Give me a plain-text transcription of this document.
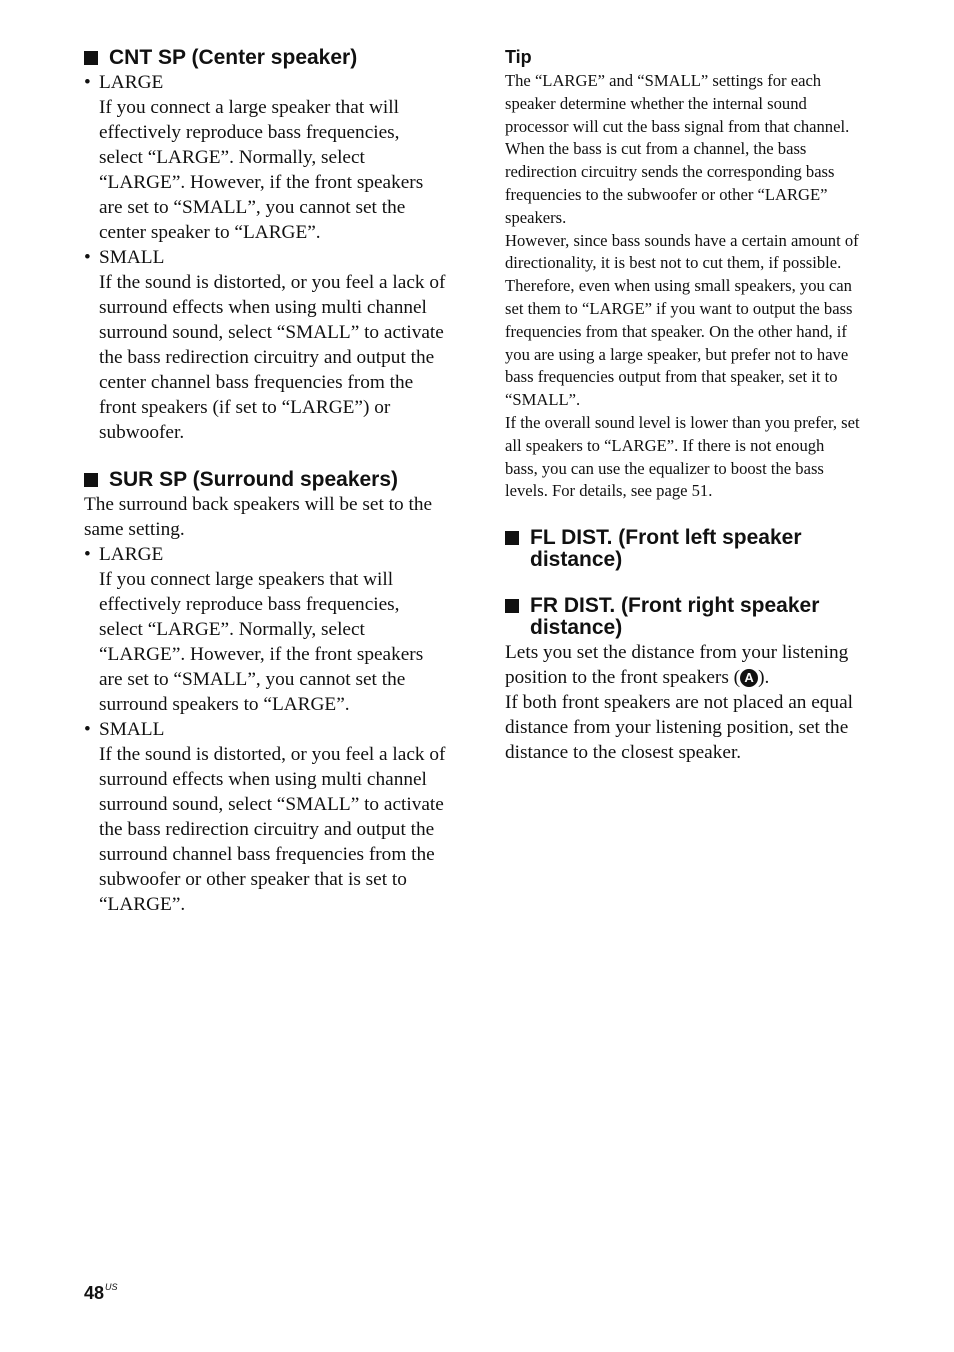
CNT SP (Center speaker)
• LARGE
If you connect a large speaker that will
effectively reproduce bass frequencies,
select “LARGE”. Normally, select
“LARGE”. However, if the front speakers
are set to “SMALL”, you cannot set the
center speaker to “LARGE”.
• SMALL
If the sound is distorted, or you feel a lack of
surround effects when using multi channel
surround sound, select “SMALL” to activate
the bass redirection circuitry and output the
center channel bass frequencies from the
front speakers (if set to “LARGE”) or
subwoofer.
SUR SP (Surround speakers)
The surround back speakers will be set to the
same setting.
• LARGE
If you connect large speakers that will
effectively reproduce bass frequencies,
select “LARGE”. Normally, select
“LARGE”. However, if the front speakers
are set to “SMALL”, you cannot set the
surround speakers to “LARGE”.
• SMALL
If the sound is distorted, or you feel a lack of
surround effects when using multi channel
surround sound, select “SMALL” to activate
the bass redirection circuitry and output the
surround channel bass frequencies from the
subwoofer or other speaker that is set to
“LARGE”.
Tip
The “LARGE” and “SMALL” settings for each
speaker determine whether the internal sound
processor will cut the bass signal from that channel.
When the bass is cut from a channel, the bass
redirection circuitry sends the corresponding bass
frequencies to the subwoofer or other “LARGE”
speakers.
However, since bass sounds have a certain amount of
directionality, it is best not to cut them, if possible.
Therefore, even when using small speakers, you can
set them to “LARGE” if you want to output the bass
frequencies from that speaker. On the other hand, if
you are using a large speaker, but prefer not to have
bass frequencies output from that speaker, set it to
“SMALL”.
If the overall sound level is lower than you prefer, set
all speakers to “LARGE”. If there is not enough
bass, you can use the equalizer to boost the bass
levels. For details, see page 51.
FL DIST. (Front left speaker
distance)
FR DIST. (Front right speaker
distance)
Lets you set the distance from your listening
position to the front speakers ( A ).
If both front speakers are not placed an equal
distance from your listening position, set the
distance to the closest speaker.
$48^{US}$
